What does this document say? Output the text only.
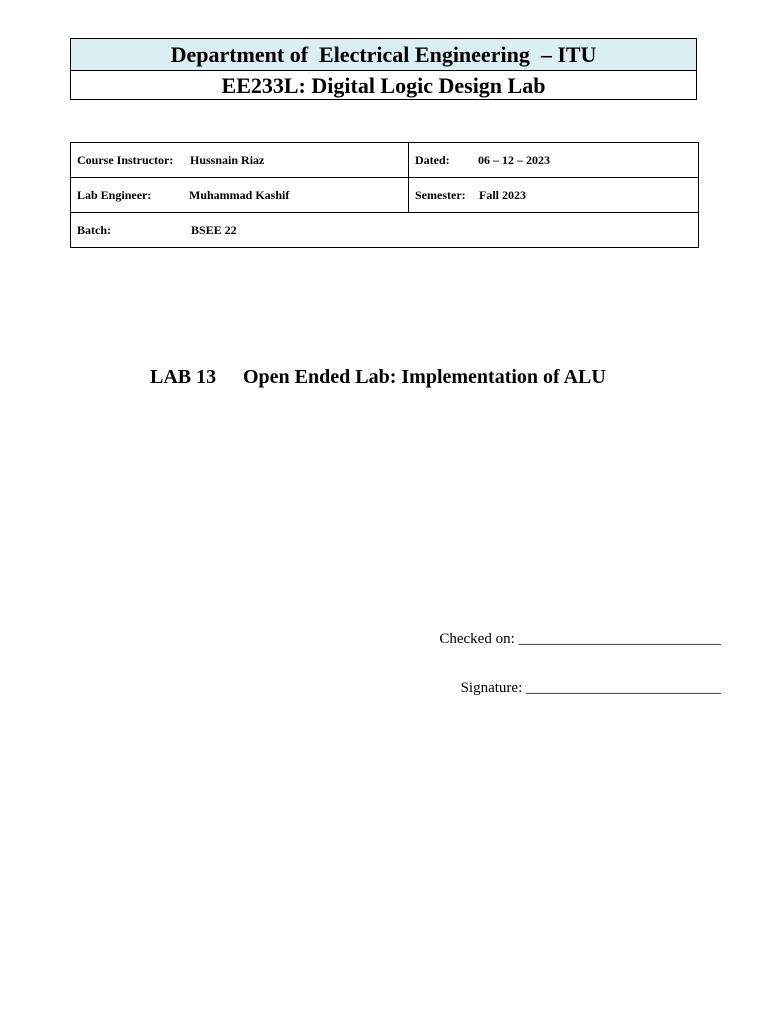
Department of  Electrical Engineering  – ITU
EE233L: Digital Logic Design Lab
Course Instructor: Hussnain Riaz	Dated: 06 – 12 – 2023
Lab Engineer: Muhammad Kashif	Semester: Fall 2023
Batch: BSEE 22	
LAB 13 Open Ended Lab: Implementation of ALU
Checked on: ___________________________
Signature: __________________________
